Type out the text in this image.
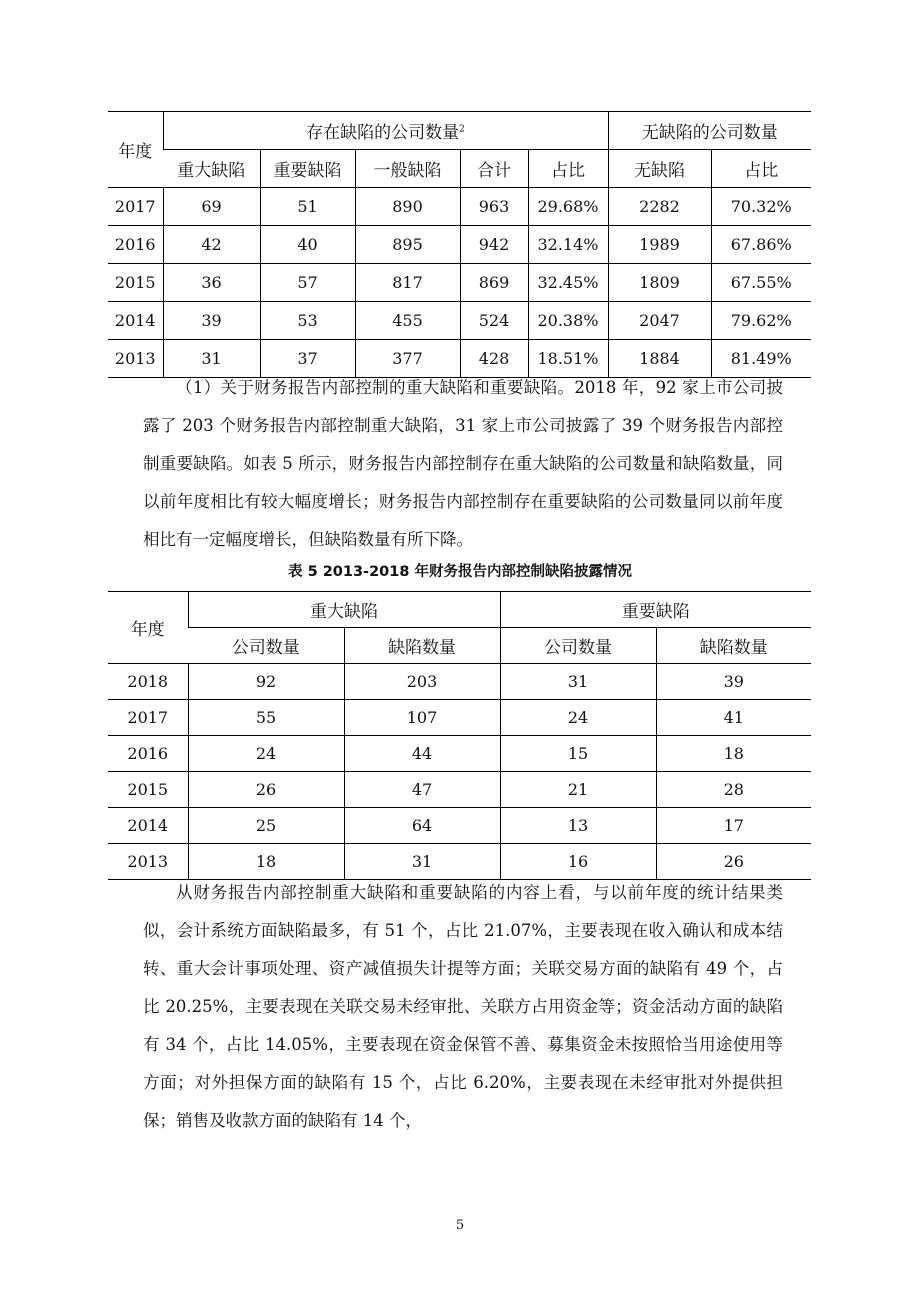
年度	存在缺陷的公司数量$^2$					无缺陷的公司数量	
	重大缺陷	重要缺陷	一般缺陷	合计	占比	无缺陷	占比
2017	69	51	890	963	29.68%	2282	70.32%
2016	42	40	895	942	32.14%	1989	67.86%
2015	36	57	817	869	32.45%	1809	67.55%
2014	39	53	455	524	20.38%	2047	79.62%
2013	31	37	377	428	18.51%	1884	81.49%

（1）关于财务报告内部控制的重大缺陷和重要缺陷。2018 年，92 家上市公司披露了 203 个财务报告内部控制重大缺陷，31 家上市公司披露了 39 个财务报告内部控制重要缺陷。如表 5 所示，财务报告内部控制存在重大缺陷的公司数量和缺陷数量，同以前年度相比有较大幅度增长；财务报告内部控制存在重要缺陷的公司数量同以前年度相比有一定幅度增长，但缺陷数量有所下降。

表 5 2013-2018 年财务报告内部控制缺陷披露情况
年度	重大缺陷		重要缺陷	
	公司数量	缺陷数量	公司数量	缺陷数量
2018	92	203	31	39
2017	55	107	24	41
2016	24	44	15	18
2015	26	47	21	28
2014	25	64	13	17
2013	18	31	16	26

从财务报告内部控制重大缺陷和重要缺陷的内容上看，与以前年度的统计结果类似，会计系统方面缺陷最多，有 51 个，占比 21.07%，主要表现在收入确认和成本结转、重大会计事项处理、资产减值损失计提等方面；关联交易方面的缺陷有 49 个，占比 20.25%，主要表现在关联交易未经审批、关联方占用资金等；资金活动方面的缺陷有 34 个，占比 14.05%，主要表现在资金保管不善、募集资金未按照恰当用途使用等方面；对外担保方面的缺陷有 15 个，占比 6.20%，主要表现在未经审批对外提供担保；销售及收款方面的缺陷有 14 个，

5
